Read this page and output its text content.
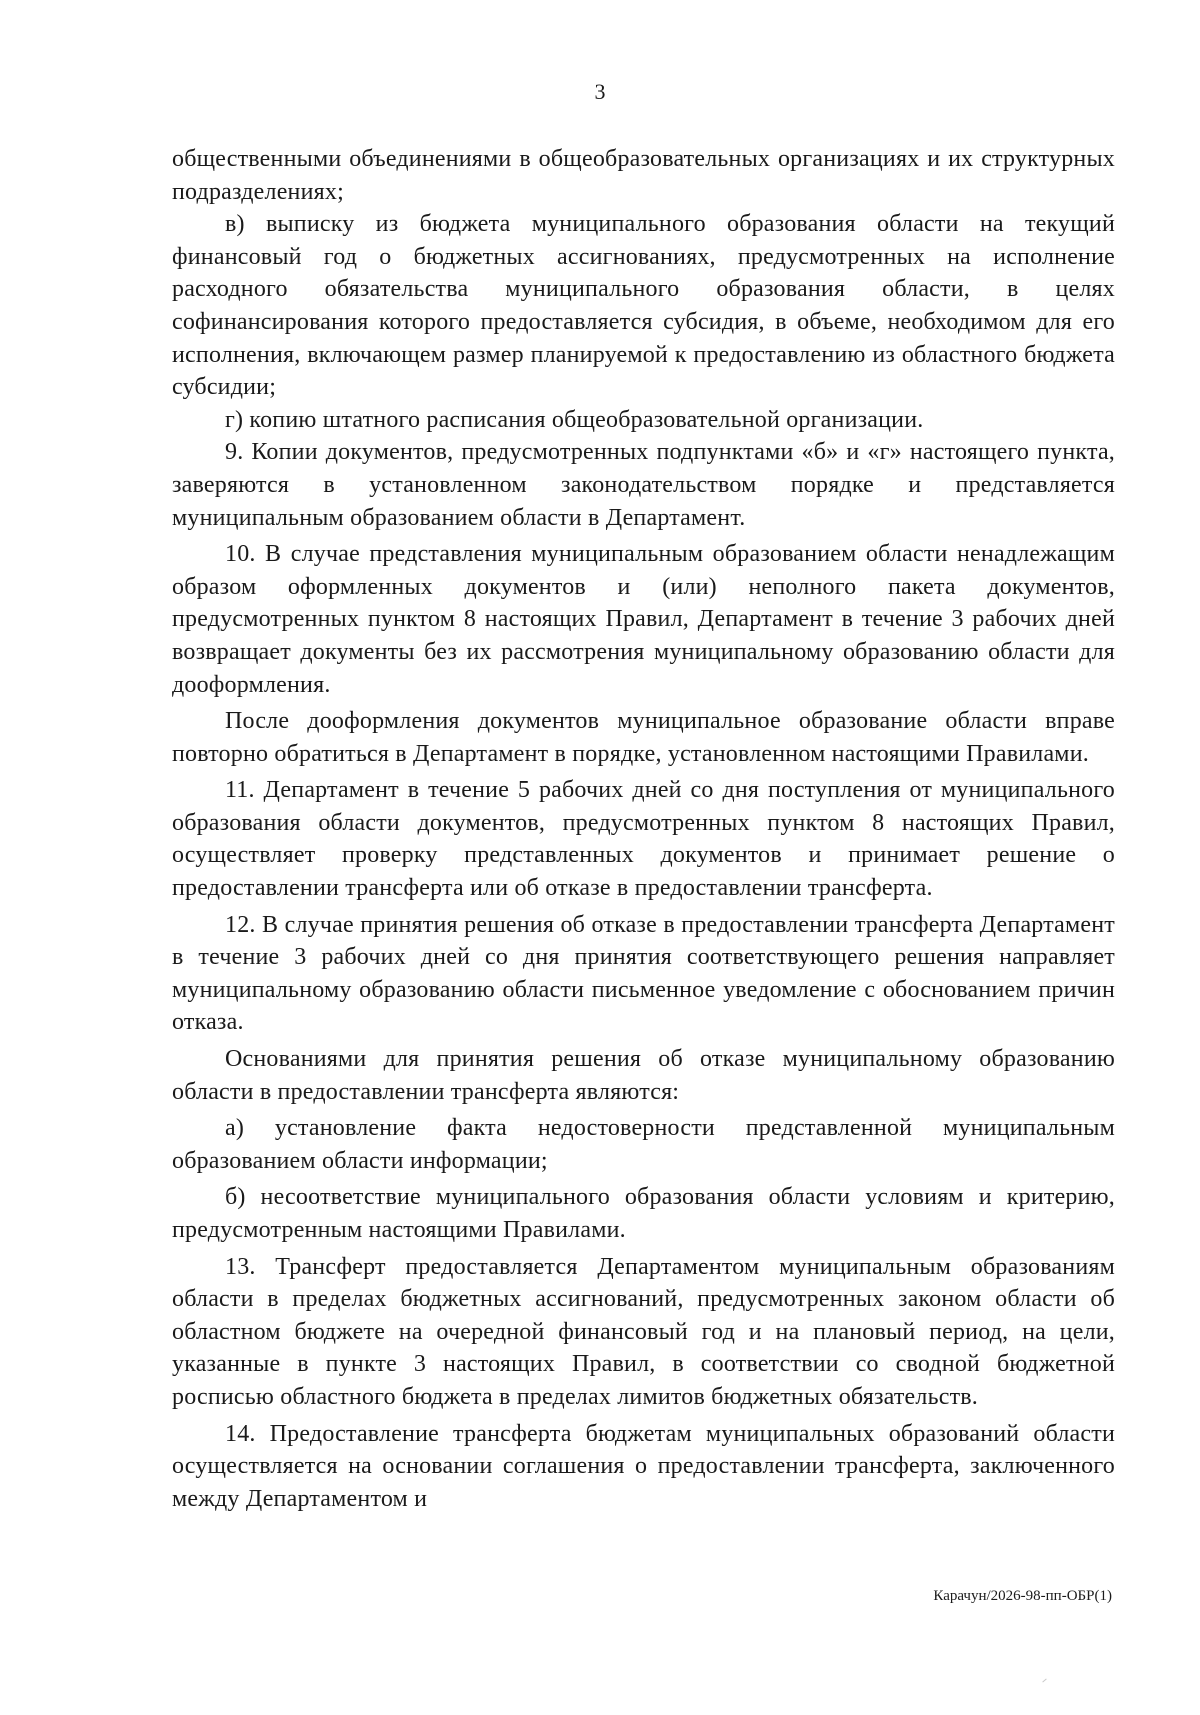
3

общественными объединениями в общеобразовательных организациях и их структурных подразделениях;

в) выписку из бюджета муниципального образования области на текущий финансовый год о бюджетных ассигнованиях, предусмотренных на исполнение расходного обязательства муниципального образования области, в целях софинансирования которого предоставляется субсидия, в объеме, необходимом для его исполнения, включающем размер планируемой к предоставлению из областного бюджета субсидии;

г) копию штатного расписания общеобразовательной организации.

9. Копии документов, предусмотренных подпунктами «б» и «г» настоящего пункта, заверяются в установленном законодательством порядке и представляется муниципальным образованием области в Департамент.

10. В случае представления муниципальным образованием области ненадлежащим образом оформленных документов и (или) неполного пакета документов, предусмотренных пунктом 8 настоящих Правил, Департамент в течение 3 рабочих дней возвращает документы без их рассмотрения муниципальному образованию области для дооформления.

После дооформления документов муниципальное образование области вправе повторно обратиться в Департамент в порядке, установленном настоящими Правилами.

11. Департамент в течение 5 рабочих дней со дня поступления от муниципального образования области документов, предусмотренных пунктом 8 настоящих Правил, осуществляет проверку представленных документов и принимает решение о предоставлении трансферта или об отказе в предоставлении трансферта.

12. В случае принятия решения об отказе в предоставлении трансферта Департамент в течение 3 рабочих дней со дня принятия соответствующего решения направляет муниципальному образованию области письменное уведомление с обоснованием причин отказа.

Основаниями для принятия решения об отказе муниципальному образованию области в предоставлении трансферта являются:

а) установление факта недостоверности представленной муниципальным образованием области информации;

б) несоответствие муниципального образования области условиям и критерию, предусмотренным настоящими Правилами.

13. Трансферт предоставляется Департаментом муниципальным образованиям области в пределах бюджетных ассигнований, предусмотренных законом области об областном бюджете на очередной финансовый год и на плановый период, на цели, указанные в пункте 3 настоящих Правил, в соответствии со сводной бюджетной росписью областного бюджета в пределах лимитов бюджетных обязательств.

14. Предоставление трансферта бюджетам муниципальных образований области осуществляется на основании соглашения о предоставлении трансферта, заключенного между Департаментом и

Карачун/2026-98-пп-ОБР(1)
